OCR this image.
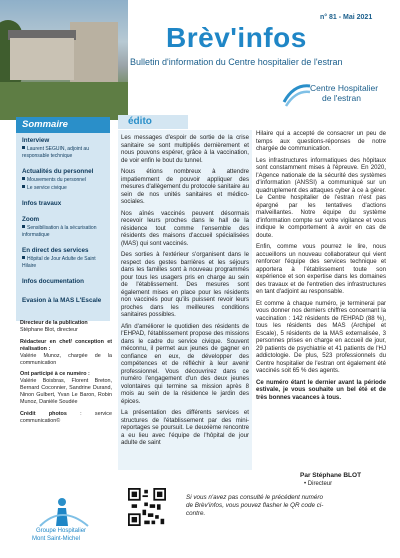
n° 81 - Mai 2021
Brèv'infos
Bulletin d'information du Centre hospitalier de l'estran
Centre Hospitalier
de l'estran
Sommaire
Interview
Laurent SEGUIN, adjoint au responsable technique
Actualités du personnel
Mouvements du personnel
Le service civique
Infos travaux
Zoom
Sensibilisation à la sécurisation informatique
En direct des services
Hôpital de Jour Adulte de Saint Hilaire
Infos documentation
Evasion à la MAS L'Escale

Directeur de la publication
Stéphane Blot, directeur

Rédacteur en chef/ conception et réalisation :
Valérie Munoz, chargée de la communication

Ont participé à ce numéro :
Valérie Boisbras, Florent Breton, Bernard Coconnier, Sandrine Durand, Ninon Gulbert, Yvan Le Baron, Robin Munoz, Danièle Soudée

Crédit photos : service communication©

Groupe Hospitalier
Mont Saint-Michel
édito

Les messages d'espoir de sortie de la crise sanitaire se sont multipliés dernièrement et nous pouvons espérer, grâce à la vaccination, de voir enfin le bout du tunnel.

Nous étions nombreux à attendre impatiemment de pouvoir appliquer des mesures d'allègement du protocole sanitaire au sein de nos unités sanitaires et médico-sociales.

Nos aînés vaccinés peuvent désormais recevoir leurs proches dans le hall de la résidence tout comme l'ensemble des résidents des maisons d'accueil spécialisées (MAS) qui sont vaccinés.

Des sorties à l'extérieur s'organisent dans le respect des gestes barrières et les séjours dans les familles sont à nouveau programmés pour tous les usagers pris en charge au sein de l'établissement. Des mesures sont également mises en place pour les résidents non vaccinés pour qu'ils puissent revoir leurs proches dans les meilleures conditions sanitaires possibles.

Afin d'améliorer le quotidien des résidents de l'EHPAD, l'établissement propose des missions dans le cadre du service civique. Souvent méconnu, il permet aux jeunes de gagner en confiance en eux, de développer des compétences et de réfléchir à leur avenir professionnel. Vous découvrirez dans ce numéro l'engagement d'un des deux jeunes volontaires qui termine sa mission après 8 mois au sein de la résidence le jardin des épices.

La présentation des différents services et structures de l'établissement par des mini-reportages se poursuit. Le deuxième rencontre a eu lieu avec l'équipe de l'hôpital de jour adulte de saint

Hilaire qui a accepté de consacrer un peu de temps aux questions-réponses de notre chargée de communication.

Les infrastructures informatiques des hôpitaux sont constamment mises à l'épreuve. En 2020, l'Agence nationale de la sécurité des systèmes d'information (ANSSI) a communiqué sur un quadruplement des attaques cyber à ce à gérer. Le Centre hospitalier de l'estran n'est pas épargné par les tentatives d'actions malveillantes. Notre équipe du système d'information compte sur votre vigilance et vous indique le comportement à avoir en cas de doute.

Enfin, comme vous pourrez le lire, nous accueillons un nouveau collaborateur qui vient renforcer l'équipe des services technique et apportera à l'établissement toute son expérience et son expertise dans les domaines des travaux et de l'entretien des infrastructures en tant d'adjoint au responsable.

Et comme à chaque numéro, je terminerai par vous donner nos derniers chiffres concernant la vaccination : 142 résidents de l'EHPAD (88 %), tous les résidents des MAS (Archipel et Escale), 5 résidents de la MAS externalisée, 3 personnes prises en charge en accueil de jour, 29 patients de psychiatrie et 41 patients de l'HJ addictologie. De plus, 523 professionnels du Centre hospitalier de l'estran ont également été vaccinés soit 65 % des agents.

Ce numéro étant le dernier avant la période estivale, je vous souhaite un bel été et de très bonnes vacances à tous.

Par Stéphane BLOT
• Directeur
Si vous n'avez pas consulté le précédent numéro de Brèv'infos, vous pouvez flasher le QR code ci-contre.
